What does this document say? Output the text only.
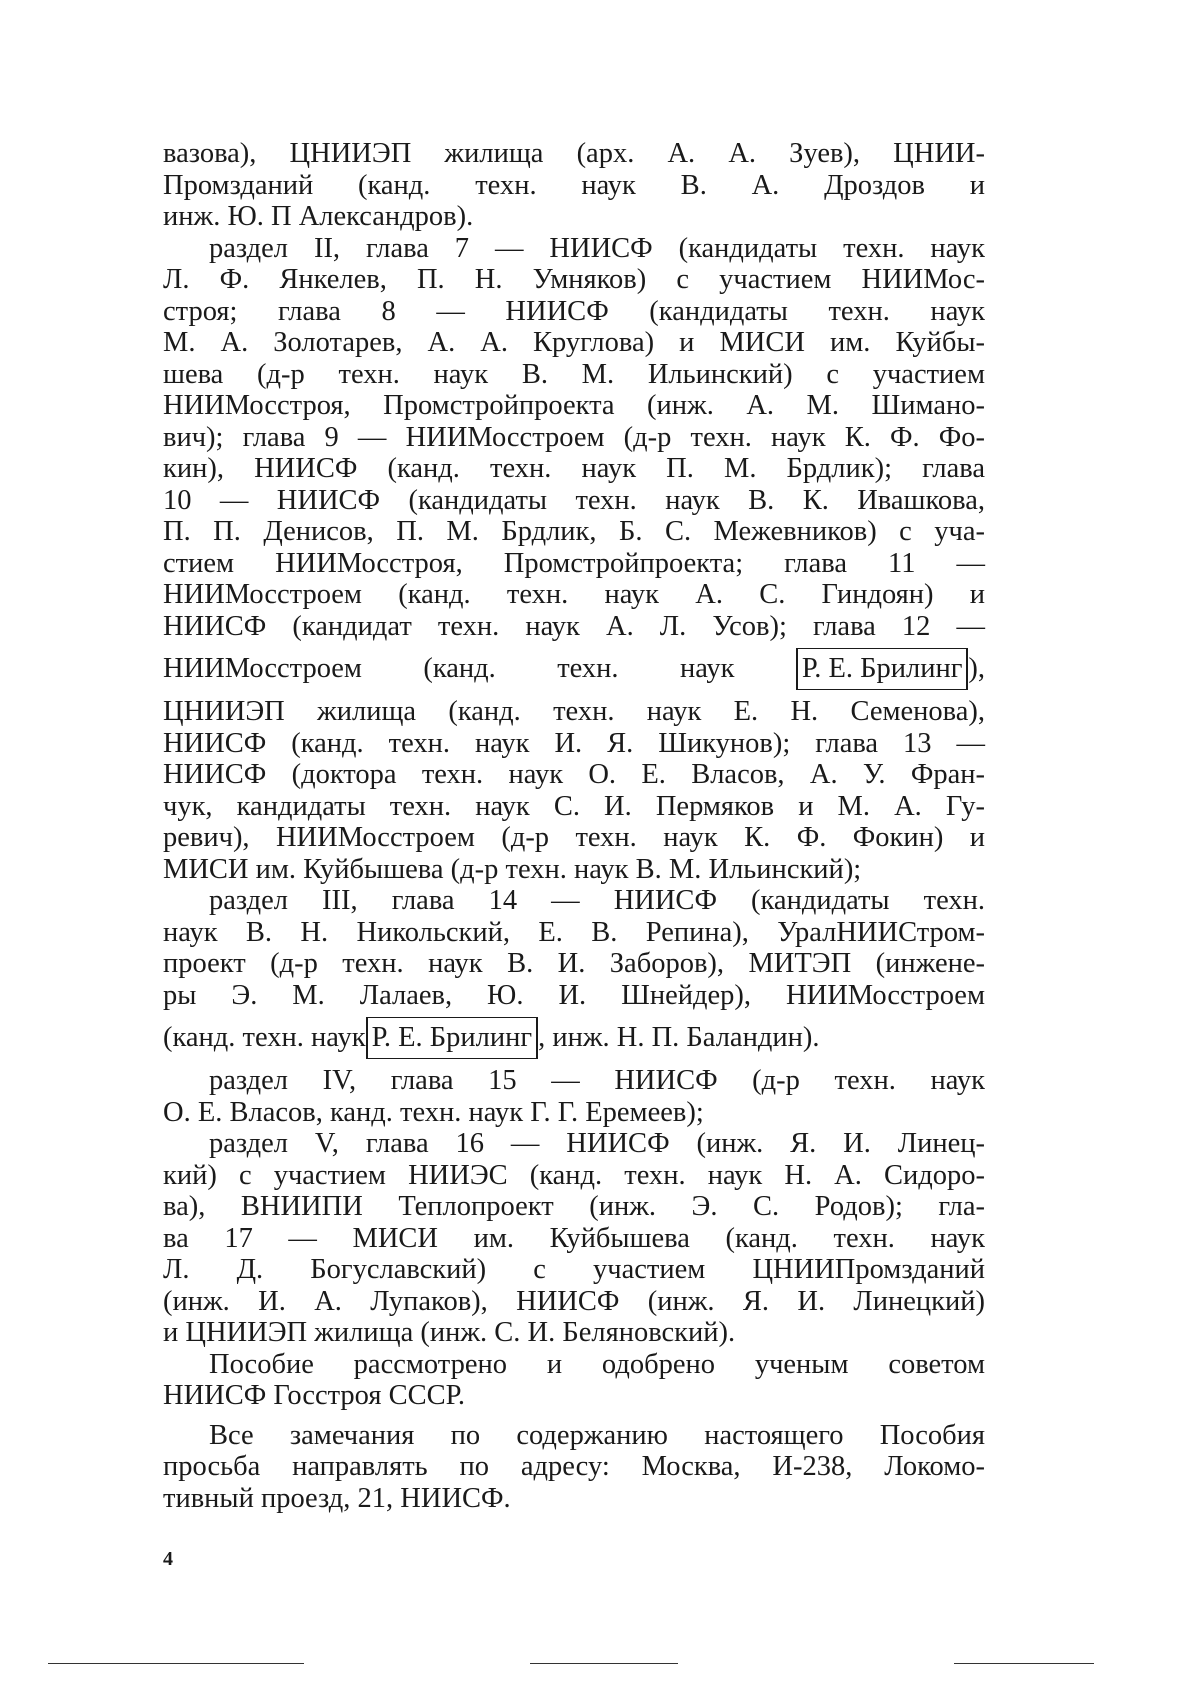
вазова), ЦНИИЭП жилища (арх. А. А. Зуев), ЦНИИ-
Промзданий (канд. техн. наук В. А. Дроздов и
инж. Ю. П Александров).
раздел II, глава 7 — НИИСФ (кандидаты техн. наук
Л. Ф. Янкелев, П. Н. Умняков) с участием НИИМос-
строя; глава 8 — НИИСФ (кандидаты техн. наук
М. А. Золотарев, А. А. Круглова) и МИСИ им. Куйбы-
шева (д-р техн. наук В. М. Ильинский) с участием
НИИМосстроя, Промстройпроекта (инж. А. М. Шимано-
вич); глава 9 — НИИМосстроем (д-р техн. наук К. Ф. Фо-
кин), НИИСФ (канд. техн. наук П. М. Брдлик); глава
10 — НИИСФ (кандидаты техн. наук В. К. Ивашкова,
П. П. Денисов, П. М. Брдлик, Б. С. Межевников) с уча-
стием НИИМосстроя, Промстройпроекта; глава 11 —
НИИМосстроем (канд. техн. наук А. С. Гиндоян) и
НИИСФ (кандидат техн. наук А. Л. Усов); глава 12 —
НИИМосстроем (канд. техн. наук Р. Е. Брилинг ),
ЦНИИЭП жилища (канд. техн. наук Е. Н. Семенова),
НИИСФ (канд. техн. наук И. Я. Шикунов); глава 13 —
НИИСФ (доктора техн. наук О. Е. Власов, А. У. Фран-
чук, кандидаты техн. наук С. И. Пермяков и М. А. Гу-
ревич), НИИМосстроем (д-р техн. наук К. Ф. Фокин) и
МИСИ им. Куйбышева (д-р техн. наук В. М. Ильинский);
раздел III, глава 14 — НИИСФ (кандидаты техн.
наук В. Н. Никольский, Е. В. Репина), УралНИИСтром-
проект (д-р техн. наук В. И. Заборов), МИТЭП (инжене-
ры Э. М. Лалаев, Ю. И. Шнейдер), НИИМосстроем
(канд. техн. наук Р. Е. Брилинг , инж. Н. П. Баландин).
раздел IV, глава 15 — НИИСФ (д-р техн. наук
О. Е. Власов, канд. техн. наук Г. Г. Еремеев);
раздел V, глава 16 — НИИСФ (инж. Я. И. Линец-
кий) с участием НИИЭС (канд. техн. наук Н. А. Сидоро-
ва), ВНИИПИ Теплопроект (инж. Э. С. Родов); гла-
ва 17 — МИСИ им. Куйбышева (канд. техн. наук
Л. Д. Богуславский) с участием ЦНИИПромзданий
(инж. И. А. Лупаков), НИИСФ (инж. Я. И. Линецкий)
и ЦНИИЭП жилища (инж. С. И. Беляновский).
Пособие рассмотрено и одобрено ученым советом
НИИСФ Госстроя СССР.
Все замечания по содержанию настоящего Пособия
просьба направлять по адресу: Москва, И-238, Локомо-
тивный проезд, 21, НИИСФ.
4
